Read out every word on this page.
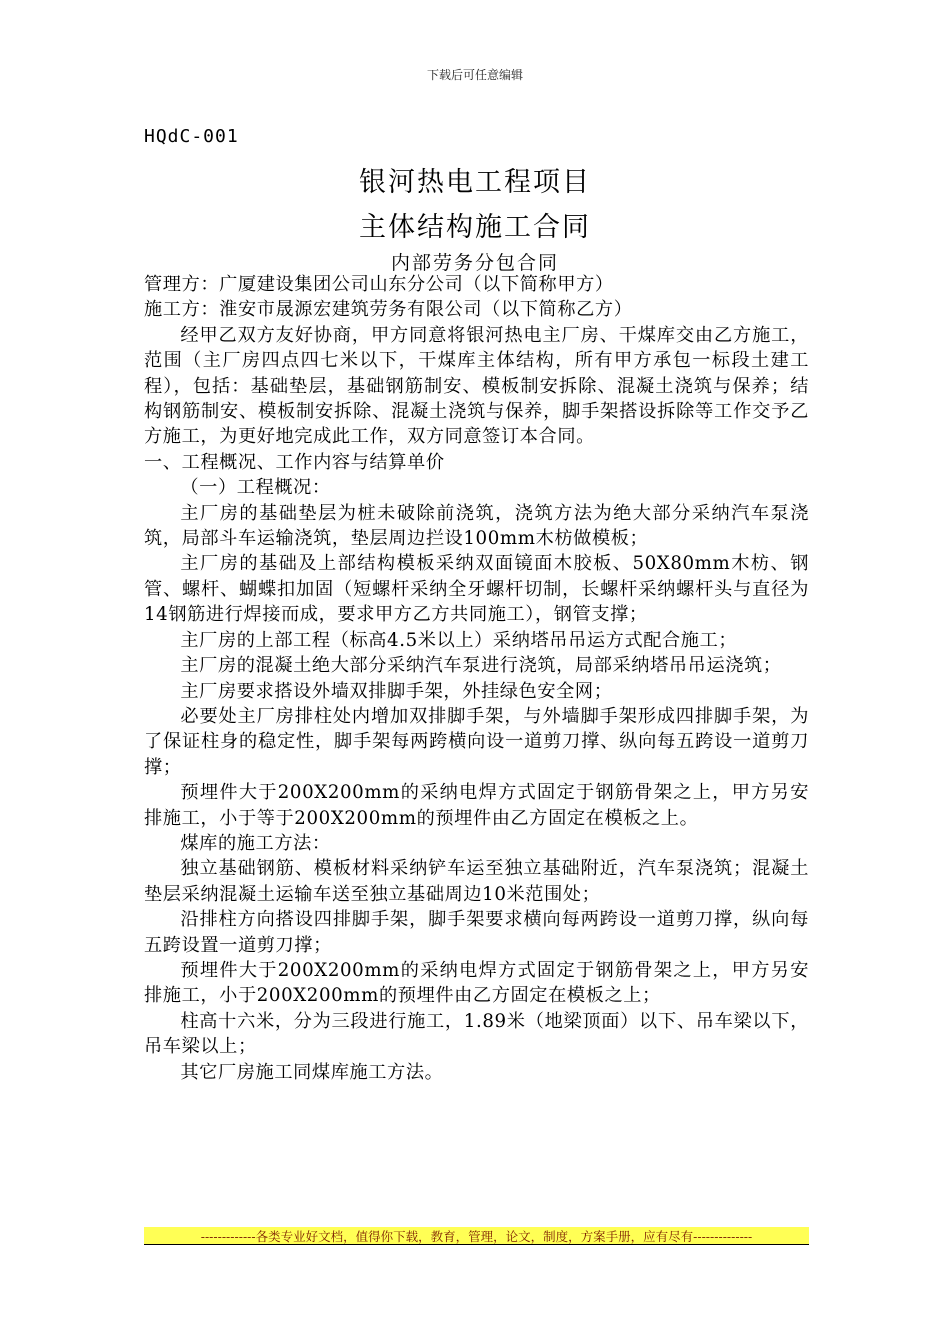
下载后可任意编辑
HQdC-001
银河热电工程项目
主体结构施工合同
内部劳务分包合同

管理方：广厦建设集团公司山东分公司（以下简称甲方）

施工方：淮安市晟源宏建筑劳务有限公司（以下简称乙方）

经甲乙双方友好协商，甲方同意将银河热电主厂房、干煤库交由乙方施工，范围（主厂房四点四七米以下，干煤库主体结构，所有甲方承包一标段土建工程），包括：基础垫层，基础钢筋制安、模板制安拆除、混凝土浇筑与保养；结构钢筋制安、模板制安拆除、混凝土浇筑与保养，脚手架搭设拆除等工作交予乙方施工，为更好地完成此工作，双方同意签订本合同。

一、工程概况、工作内容与结算单价

（一）工程概况：

主厂房的基础垫层为桩未破除前浇筑，浇筑方法为绝大部分采纳汽车泵浇筑，局部斗车运输浇筑，垫层周边拦设100mm木枋做模板；

主厂房的基础及上部结构模板采纳双面镜面木胶板、50X80mm木枋、钢管、螺杆、蝴蝶扣加固（短螺杆采纳全牙螺杆切制，长螺杆采纳螺杆头与直径为14钢筋进行焊接而成，要求甲方乙方共同施工），钢管支撑；

主厂房的上部工程（标高4.5米以上）采纳塔吊吊运方式配合施工；

主厂房的混凝土绝大部分采纳汽车泵进行浇筑，局部采纳塔吊吊运浇筑；

主厂房要求搭设外墙双排脚手架，外挂绿色安全网；

必要处主厂房排柱处内增加双排脚手架，与外墙脚手架形成四排脚手架，为了保证柱身的稳定性，脚手架每两跨横向设一道剪刀撑、纵向每五跨设一道剪刀撑；

预埋件大于200X200mm的采纳电焊方式固定于钢筋骨架之上，甲方另安排施工，小于等于200X200mm的预埋件由乙方固定在模板之上。

煤库的施工方法：

独立基础钢筋、模板材料采纳铲车运至独立基础附近，汽车泵浇筑；混凝土垫层采纳混凝土运输车送至独立基础周边10米范围处；

沿排柱方向搭设四排脚手架，脚手架要求横向每两跨设一道剪刀撑，纵向每五跨设置一道剪刀撑；

预埋件大于200X200mm的采纳电焊方式固定于钢筋骨架之上，甲方另安排施工，小于200X200mm的预埋件由乙方固定在模板之上；

柱高十六米，分为三段进行施工，1.89米（地梁顶面）以下、吊车梁以下，吊车梁以上；

其它厂房施工同煤库施工方法。

-------------各类专业好文档，值得你下载，教育，管理，论文，制度，方案手册，应有尽有--------------
